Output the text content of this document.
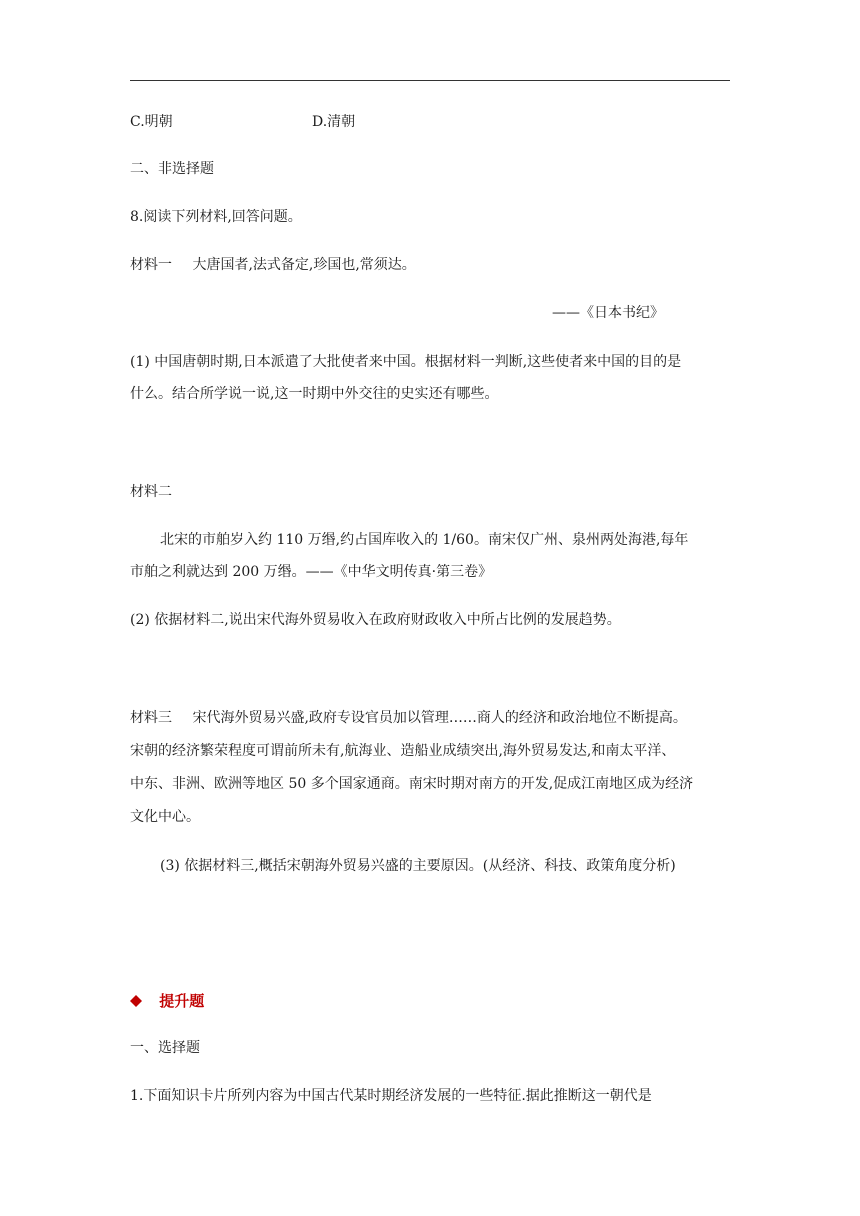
C.明朝	D.清朝
二、非选择题
8.阅读下列材料,回答问题。
材料一 大唐国者,法式备定,珍国也,常须达。
——《日本书纪》
(1) 中国唐朝时期,日本派遣了大批使者来中国。根据材料一判断,这些使者来中国的目的是
什么。结合所学说一说,这一时期中外交往的史实还有哪些。
材料二
北宋的市舶岁入约 110 万缗,约占国库收入的 1/60。南宋仅广州、泉州两处海港,每年
市舶之利就达到 200 万缗。——《中华文明传真·第三卷》
(2) 依据材料二,说出宋代海外贸易收入在政府财政收入中所占比例的发展趋势。
材料三 宋代海外贸易兴盛,政府专设官员加以管理……商人的经济和政治地位不断提高。
宋朝的经济繁荣程度可谓前所未有,航海业、造船业成绩突出,海外贸易发达,和南太平洋、
中东、非洲、欧洲等地区 50 多个国家通商。南宋时期对南方的开发,促成江南地区成为经济
文化中心。
(3) 依据材料三,概括宋朝海外贸易兴盛的主要原因。(从经济、科技、政策角度分析)
提升题
一、选择题
1.下面知识卡片所列内容为中国古代某时期经济发展的一些特征.据此推断这一朝代是
